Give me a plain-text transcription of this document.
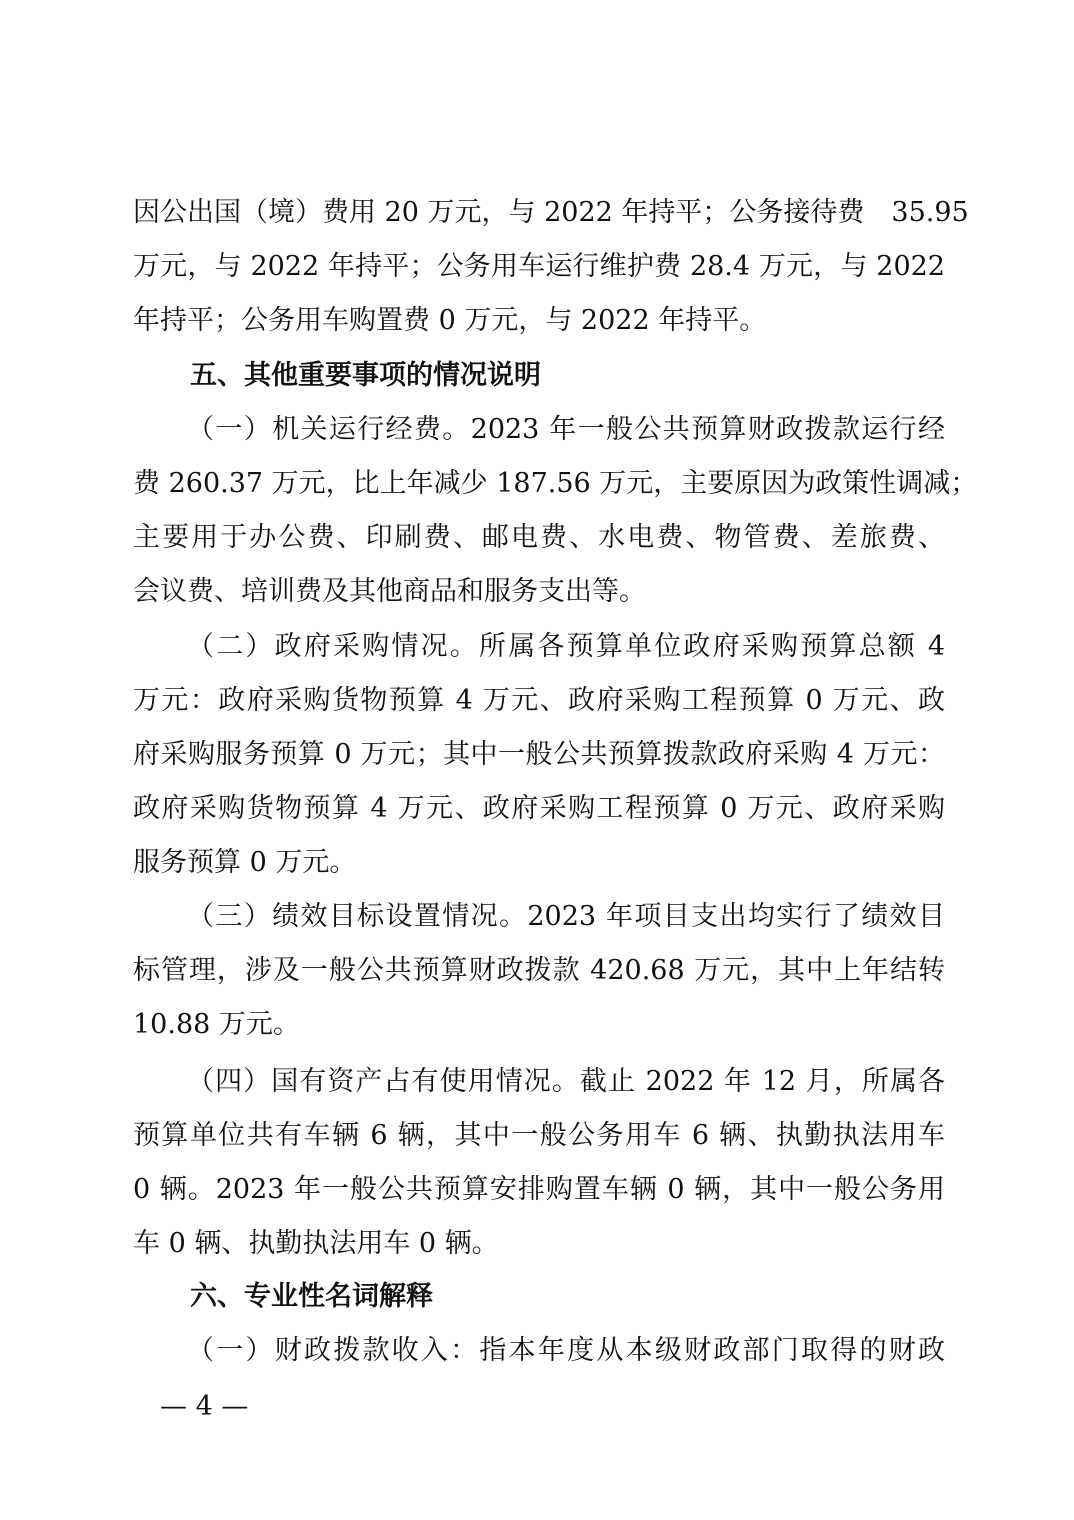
因公出国（境）费用 20 万元，与 2022 年持平；公务接待费　35.95
万元，与 2022 年持平；公务用车运行维护费 28.4 万元，与 2022
年持平；公务用车购置费 0 万元，与 2022 年持平。
五、其他重要事项的情况说明
（一）机关运行经费。2023 年一般公共预算财政拨款运行经
费 260.37 万元，比上年减少 187.56 万元，主要原因为政策性调减；
主要用于办公费、印刷费、邮电费、水电费、物管费、差旅费、
会议费、培训费及其他商品和服务支出等。
（二）政府采购情况。所属各预算单位政府采购预算总额 4
万元：政府采购货物预算 4 万元、政府采购工程预算 0 万元、政
府采购服务预算 0 万元；其中一般公共预算拨款政府采购 4 万元：
政府采购货物预算 4 万元、政府采购工程预算 0 万元、政府采购
服务预算 0 万元。
（三）绩效目标设置情况。2023 年项目支出均实行了绩效目
标管理，涉及一般公共预算财政拨款 420.68 万元，其中上年结转
10.88 万元。
（四）国有资产占有使用情况。截止 2022 年 12 月，所属各
预算单位共有车辆 6 辆，其中一般公务用车 6 辆、执勤执法用车
0 辆。2023 年一般公共预算安排购置车辆 0 辆，其中一般公务用
车 0 辆、执勤执法用车 0 辆。
六、专业性名词解释
（一）财政拨款收入：指本年度从本级财政部门取得的财政
— 4 —
